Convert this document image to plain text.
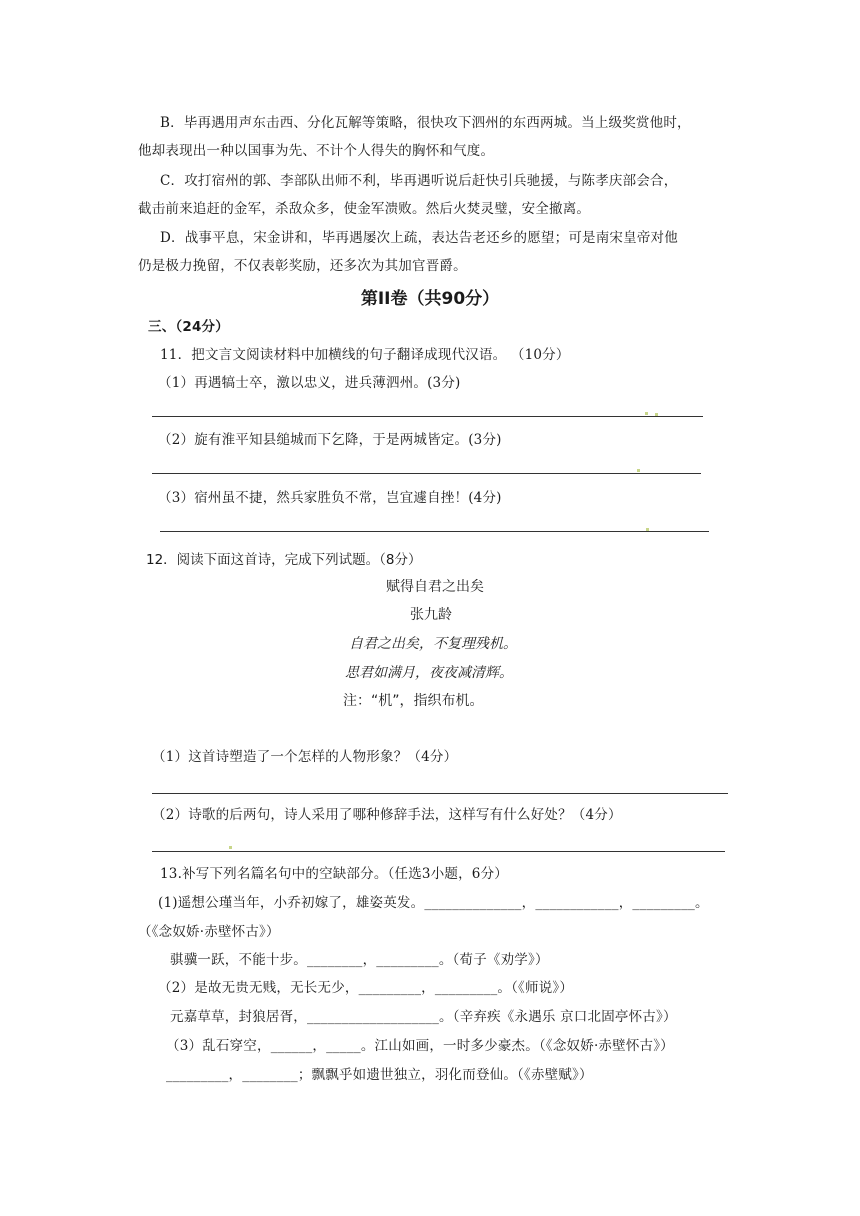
B．毕再遇用声东击西、分化瓦解等策略，很快攻下泗州的东西两城。当上级奖赏他时，
他却表现出一种以国事为先、不计个人得失的胸怀和气度。
C．攻打宿州的郭、李部队出师不利，毕再遇听说后赶快引兵驰援，与陈孝庆部会合，
截击前来追赶的金军，杀敌众多，使金军溃败。然后火焚灵璧，安全撤离。
D．战事平息，宋金讲和，毕再遇屡次上疏，表达告老还乡的愿望；可是南宋皇帝对他
仍是极力挽留，不仅表彰奖励，还多次为其加官晋爵。
第II卷（共90分）
三、（24分）
11．把文言文阅读材料中加横线的句子翻译成现代汉语。 （10分）
（1）再遇犒士卒，激以忠义，进兵薄泗州。(3分)
（2）旋有淮平知县缒城而下乞降，于是两城皆定。(3分)
（3）宿州虽不捷，然兵家胜负不常，岂宜遽自挫！(4分)
12．阅读下面这首诗，完成下列试题。（8分）
赋得自君之出矣
张九龄
自君之出矣，不复理残机。
思君如满月，夜夜减清辉。
注：“机”，指织布机。
（1）这首诗塑造了一个怎样的人物形象？（4分）
（2）诗歌的后两句，诗人采用了哪种修辞手法，这样写有什么好处？（4分）
13.补写下列名篇名句中的空缺部分。（任选3小题，6分）
(1)遥想公瑾当年，小乔初嫁了，雄姿英发。______________，____________，_________。
（《念奴娇·赤壁怀古》）
骐骥一跃，不能十步。________，_________。（荀子《劝学》）
（2）是故无贵无贱，无长无少，_________，_________。（《师说》）
元嘉草草，封狼居胥，___________________。（辛弃疾《永遇乐 京口北固亭怀古》）
（3）乱石穿空，______，_____。江山如画，一时多少豪杰。（《念奴娇·赤壁怀古》）
_________，________；飘飘乎如遗世独立，羽化而登仙。（《赤壁赋》）
